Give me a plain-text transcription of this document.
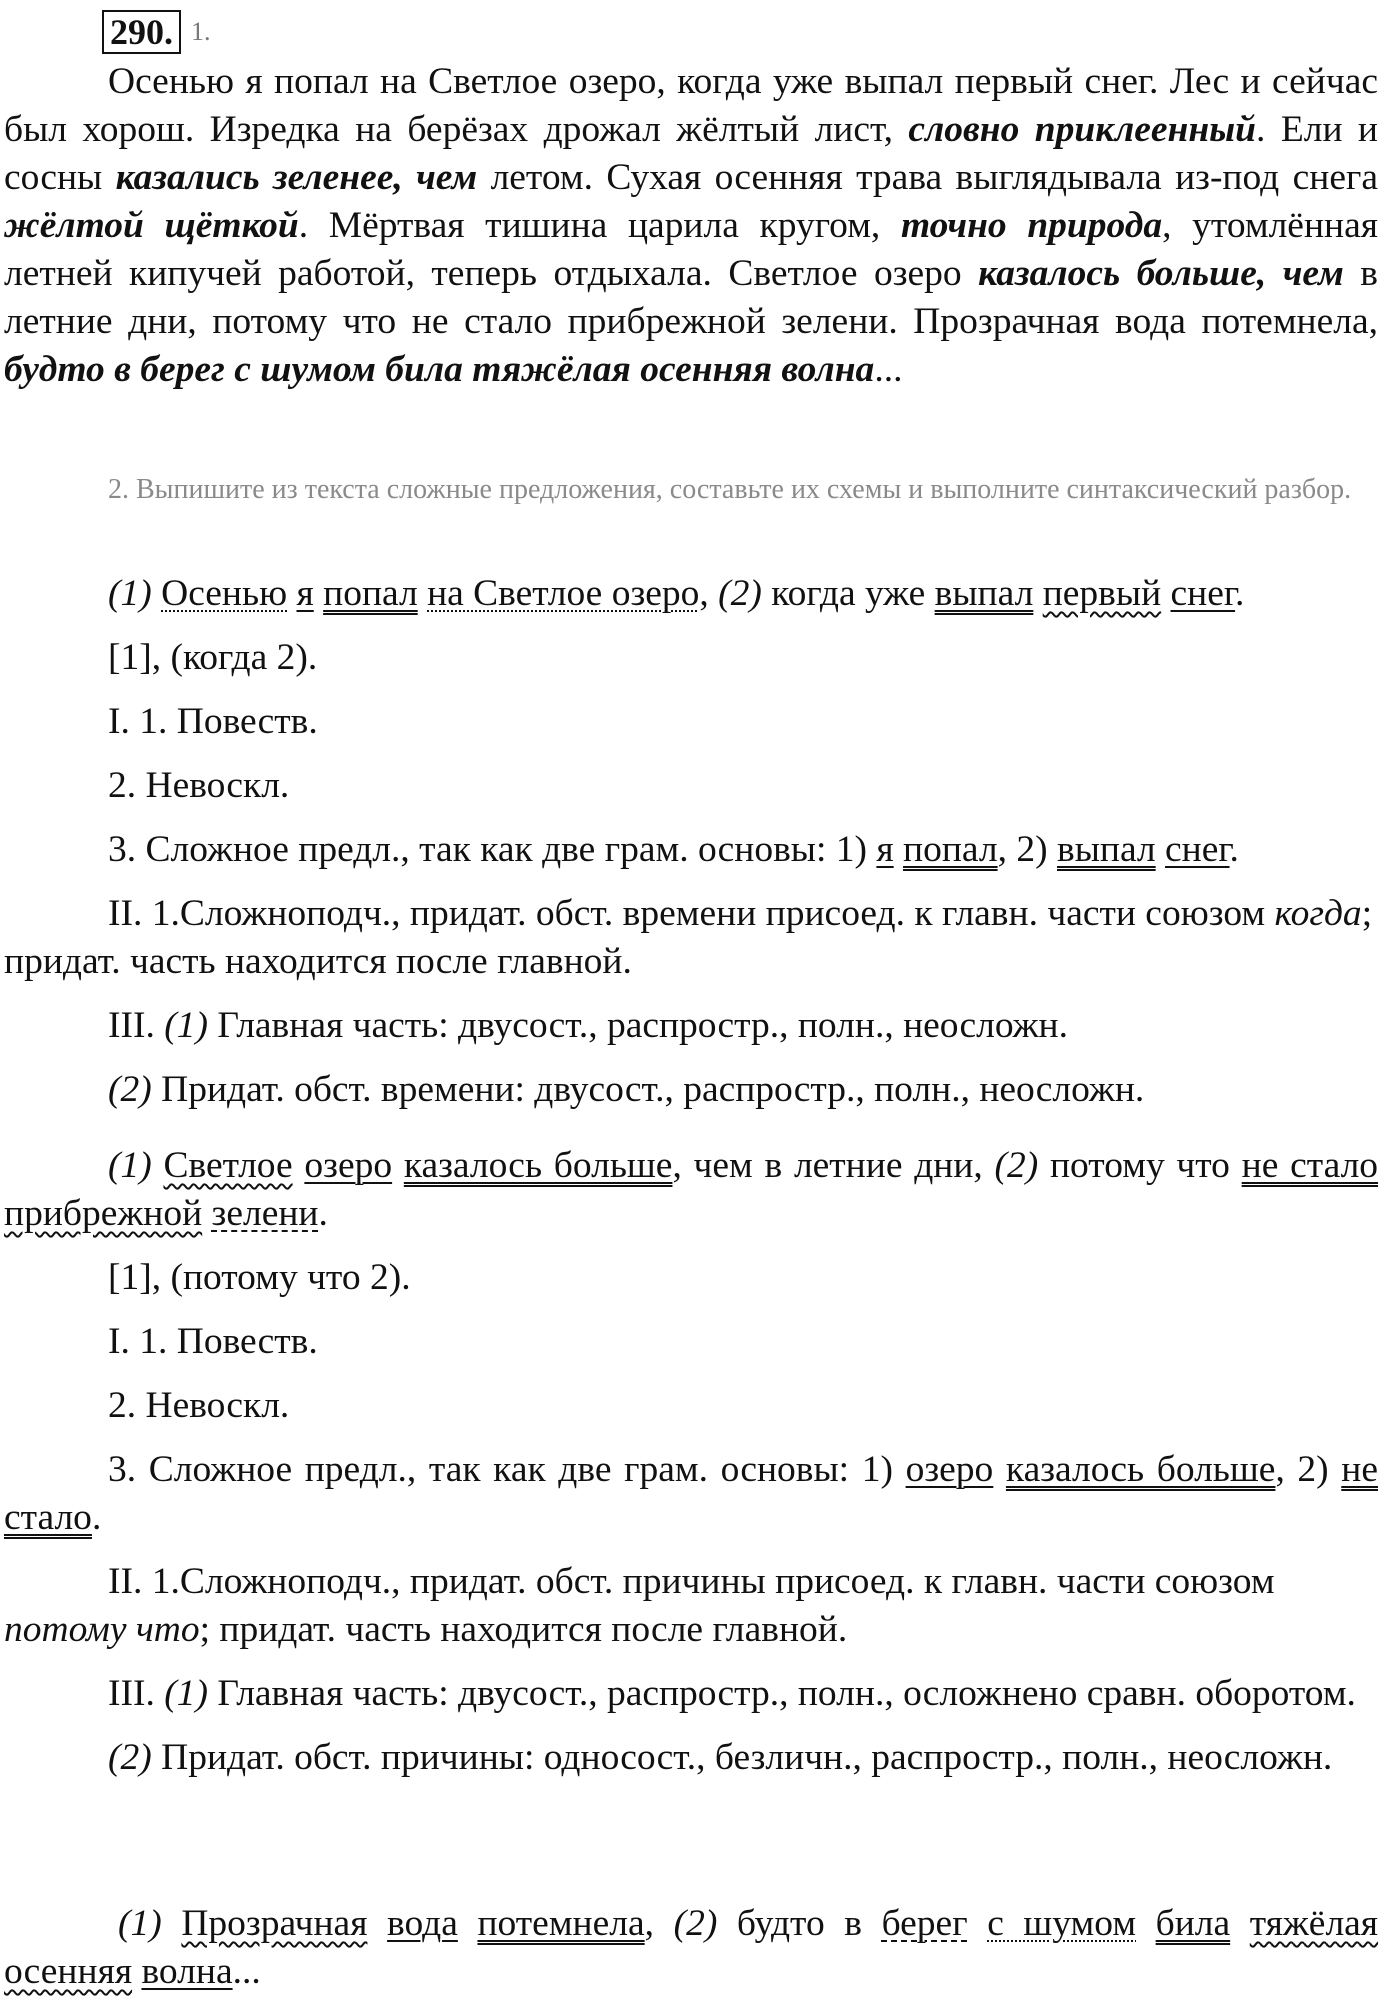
290. 1.

Осенью я попал на Светлое озеро, когда уже выпал первый снег. Лес и сейчас был хорош. Изредка на берёзах дрожал жёлтый лист, словно приклеенный. Ели и сосны казались зеленее, чем летом. Сухая осенняя трава выглядывала из-под снега жёлтой щёткой. Мёртвая тишина царила кругом, точно природа, утомлённая летней кипучей работой, теперь отдыхала. Светлое озеро казалось больше, чем в летние дни, потому что не стало прибрежной зелени. Прозрачная вода потемнела, будто в берег с шумом била тяжёлая осенняя волна...

2. Выпишите из текста сложные предложения, составьте их схемы и выполните синтаксический разбор.

(1) Осенью я попал на Светлое озеро, (2) когда уже выпал первый снег.

[1], (когда 2).

I. 1. Повеств.

2. Невоскл.

3. Сложное предл., так как две грам. основы: 1) я попал, 2) выпал снег.

II. 1.Сложноподч., придат. обст. времени присоед. к главн. части союзом когда; придат. часть находится после главной.

III. (1) Главная часть: двусост., распростр., полн., неосложн.

(2) Придат. обст. времени: двусост., распростр., полн., неосложн.

(1) Светлое озеро казалось больше, чем в летние дни, (2) потому что не стало прибрежной зелени.

[1], (потому что 2).

I. 1. Повеств.

2. Невоскл.

3. Сложное предл., так как две грам. основы: 1) озеро казалось больше, 2) не стало.

II. 1.Сложноподч., придат. обст. причины присоед. к главн. части союзом потому что; придат. часть находится после главной.

III. (1) Главная часть: двусост., распростр., полн., осложнено сравн. оборотом.

(2) Придат. обст. причины: односост., безличн., распростр., полн., неосложн.

(1) Прозрачная вода потемнела, (2) будто в берег с шумом била тяжёлая осенняя волна...
